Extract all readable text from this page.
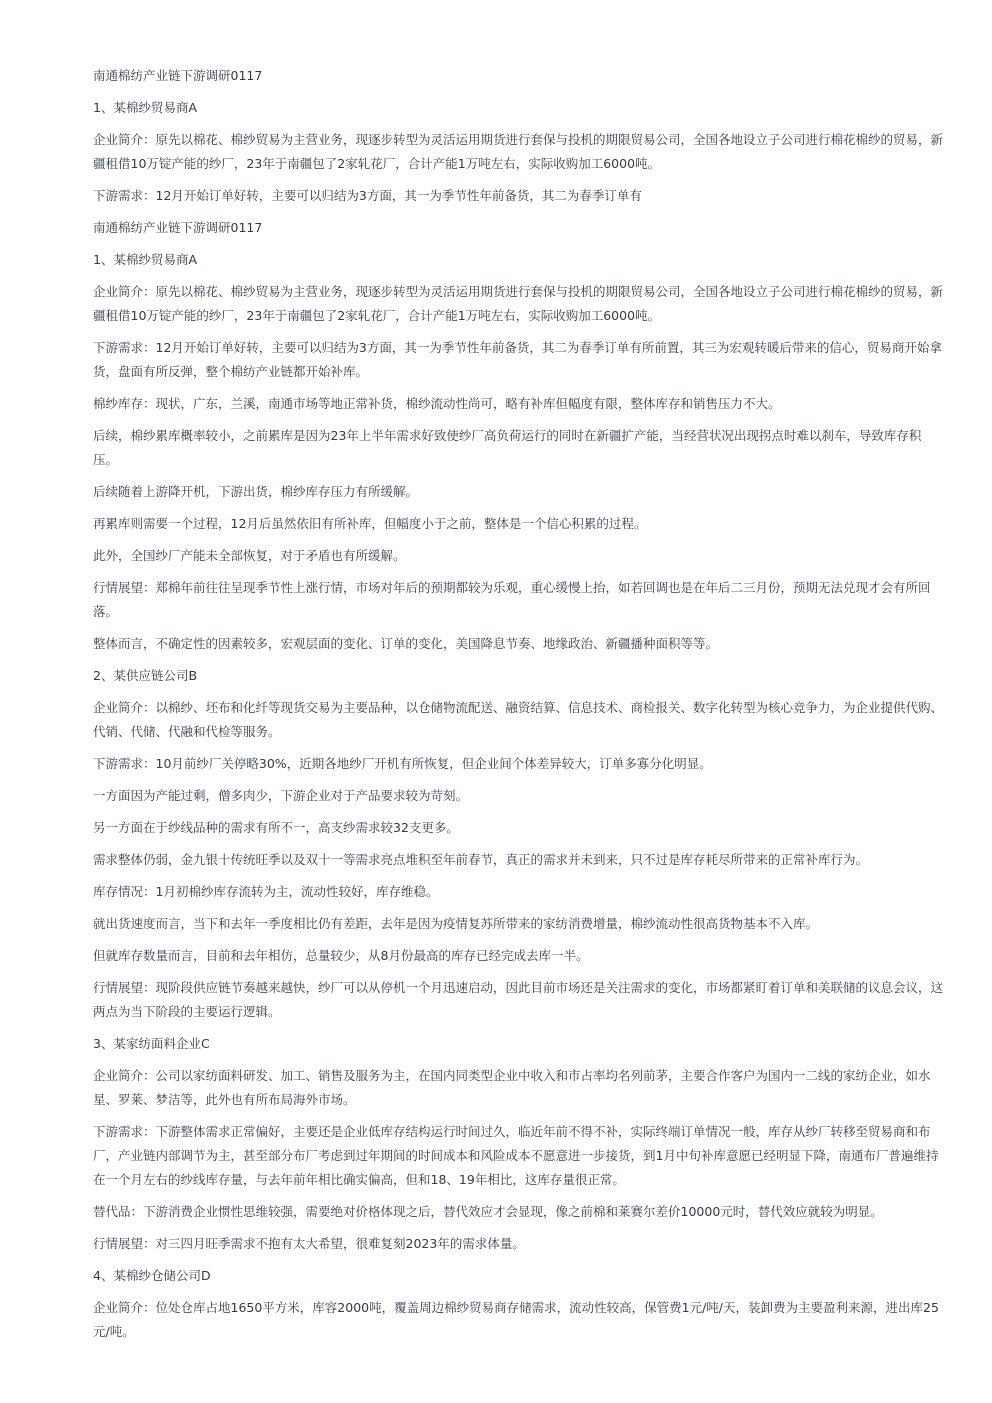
南通棉纺产业链下游调研0117

1、某棉纱贸易商A

企业简介：原先以棉花、棉纱贸易为主营业务，现逐步转型为灵活运用期货进行套保与投机的期限贸易公司，全国各地设立子公司进行棉花棉纱的贸易，新疆租借10万锭产能的纱厂，23年于南疆包了2家轧花厂，合计产能1万吨左右，实际收购加工6000吨。

下游需求：12月开始订单好转，主要可以归结为3方面，其一为季节性年前备货，其二为春季订单有

南通棉纺产业链下游调研0117

1、某棉纱贸易商A

企业简介：原先以棉花、棉纱贸易为主营业务，现逐步转型为灵活运用期货进行套保与投机的期限贸易公司，全国各地设立子公司进行棉花棉纱的贸易，新疆租借10万锭产能的纱厂，23年于南疆包了2家轧花厂，合计产能1万吨左右，实际收购加工6000吨。

下游需求：12月开始订单好转，主要可以归结为3方面，其一为季节性年前备货，其二为春季订单有所前置，其三为宏观转暖后带来的信心，贸易商开始拿货，盘面有所反弹，整个棉纺产业链都开始补库。

棉纱库存：现状，广东，兰溪，南通市场等地正常补货，棉纱流动性尚可，略有补库但幅度有限，整体库存和销售压力不大。

后续，棉纱累库概率较小，之前累库是因为23年上半年需求好致使纱厂高负荷运行的同时在新疆扩产能，当经营状况出现拐点时难以刹车，导致库存积压。

后续随着上游降开机，下游出货，棉纱库存压力有所缓解。

再累库则需要一个过程，12月后虽然依旧有所补库，但幅度小于之前，整体是一个信心积累的过程。

此外，全国纱厂产能未全部恢复，对于矛盾也有所缓解。

行情展望：郑棉年前往往呈现季节性上涨行情，市场对年后的预期都较为乐观，重心缓慢上抬，如若回调也是在年后二三月份，预期无法兑现才会有所回落。

整体而言，不确定性的因素较多，宏观层面的变化、订单的变化，美国降息节奏、地缘政治、新疆播种面积等等。

2、某供应链公司B

企业简介：以棉纱、坯布和化纤等现货交易为主要品种，以仓储物流配送、融资结算、信息技术、商检报关、数字化转型为核心竞争力，为企业提供代购、代销、代储、代融和代检等服务。

下游需求：10月前纱厂关停略30%，近期各地纱厂开机有所恢复，但企业间个体差异较大，订单多寡分化明显。

一方面因为产能过剩，僧多肉少，下游企业对于产品要求较为苛刻。

另一方面在于纱线品种的需求有所不一，高支纱需求较32支更多。

需求整体仍弱，金九银十传统旺季以及双十一等需求亮点堆积至年前春节，真正的需求并未到来，只不过是库存耗尽所带来的正常补库行为。

库存情况：1月初棉纱库存流转为主，流动性较好，库存维稳。

就出货速度而言，当下和去年一季度相比仍有差距，去年是因为疫情复苏所带来的家纺消费增量，棉纱流动性很高货物基本不入库。

但就库存数量而言，目前和去年相仿，总量较少，从8月份最高的库存已经完成去库一半。

行情展望：现阶段供应链节奏越来越快，纱厂可以从停机一个月迅速启动，因此目前市场还是关注需求的变化，市场都紧盯着订单和美联储的议息会议，这两点为当下阶段的主要运行逻辑。

3、某家纺面料企业C

企业简介：公司以家纺面料研发、加工、销售及服务为主，在国内同类型企业中收入和市占率均名列前茅，主要合作客户为国内一二线的家纺企业，如水星、罗莱、梦洁等，此外也有所布局海外市场。

下游需求：下游整体需求正常偏好，主要还是企业低库存结构运行时间过久，临近年前不得不补，实际终端订单情况一般，库存从纱厂转移至贸易商和布厂，产业链内部调节为主，甚至部分布厂考虑到过年期间的时间成本和风险成本不愿意进一步接货，到1月中旬补库意愿已经明显下降，南通布厂普遍维持在一个月左右的纱线库存量，与去年前年相比确实偏高，但和18、19年相比，这库存量很正常。

替代品：下游消费企业惯性思维较强，需要绝对价格体现之后，替代效应才会显现，像之前棉和莱赛尔差价10000元时，替代效应就较为明显。

行情展望：对三四月旺季需求不抱有太大希望，很难复刻2023年的需求体量。

4、某棉纱仓储公司D

企业简介：位处仓库占地1650平方米，库容2000吨，覆盖周边棉纱贸易商存储需求，流动性较高，保管费1元/吨/天，装卸费为主要盈利来源，进出库25元/吨。
